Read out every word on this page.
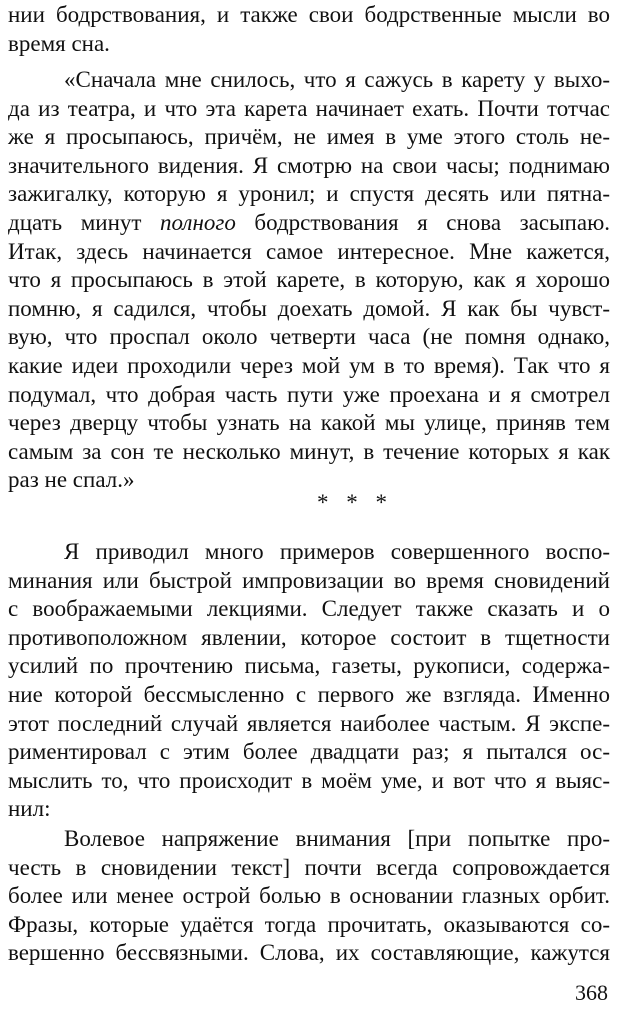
нии бодрствования, и также свои бодрственные мысли во
время сна.
«Сначала мне снилось, что я сажусь в карету у выхо-
да из театра, и что эта карета начинает ехать. Почти тотчас
же я просыпаюсь, причём, не имея в уме этого столь не-
значительного видения. Я смотрю на свои часы; поднимаю
зажигалку, которую я уронил; и спустя десять или пятна-
дцать минут полного бодрствования я снова засыпаю.
Итак, здесь начинается самое интересное. Мне кажется,
что я просыпаюсь в этой карете, в которую, как я хорошо
помню, я садился, чтобы доехать домой. Я как бы чувст-
вую, что проспал около четверти часа (не помня однако,
какие идеи проходили через мой ум в то время). Так что я
подумал, что добрая часть пути уже проехана и я смотрел
через дверцу чтобы узнать на какой мы улице, приняв тем
самым за сон те несколько минут, в течение которых я как
раз не спал.»
* * *
Я приводил много примеров совершенного воспо-
минания или быстрой импровизации во время сновидений
с воображаемыми лекциями. Следует также сказать и о
противоположном явлении, которое состоит в тщетности
усилий по прочтению письма, газеты, рукописи, содержа-
ние которой бессмысленно с первого же взгляда. Именно
этот последний случай является наиболее частым. Я экспе-
риментировал с этим более двадцати раз; я пытался ос-
мыслить то, что происходит в моём уме, и вот что я выяс-
нил:
Волевое напряжение внимания [при попытке про-
честь в сновидении текст] почти всегда сопровождается
более или менее острой болью в основании глазных орбит.
Фразы, которые удаётся тогда прочитать, оказываются со-
вершенно бессвязными. Слова, их составляющие, кажутся
368
